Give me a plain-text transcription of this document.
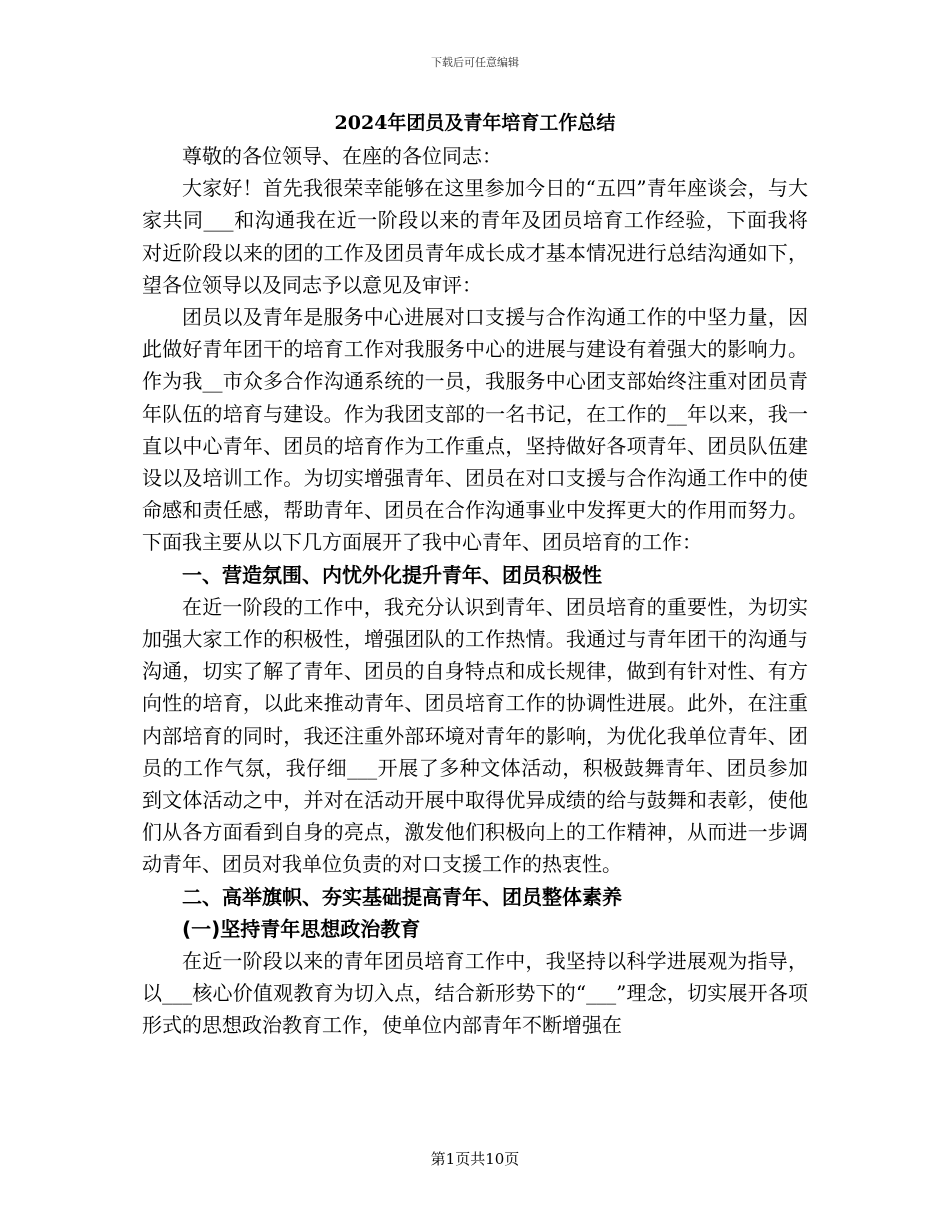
下载后可任意编辑
2024年团员及青年培育工作总结

尊敬的各位领导、在座的各位同志：

大家好！首先我很荣幸能够在这里参加今日的“五四”青年座谈会，与大家共同___和沟通我在近一阶段以来的青年及团员培育工作经验，下面我将对近阶段以来的团的工作及团员青年成长成才基本情况进行总结沟通如下，望各位领导以及同志予以意见及审评：

团员以及青年是服务中心进展对口支援与合作沟通工作的中坚力量，因此做好青年团干的培育工作对我服务中心的进展与建设有着强大的影响力。作为我__市众多合作沟通系统的一员，我服务中心团支部始终注重对团员青年队伍的培育与建设。作为我团支部的一名书记，在工作的__年以来，我一直以中心青年、团员的培育作为工作重点，坚持做好各项青年、团员队伍建设以及培训工作。为切实增强青年、团员在对口支援与合作沟通工作中的使命感和责任感，帮助青年、团员在合作沟通事业中发挥更大的作用而努力。下面我主要从以下几方面展开了我中心青年、团员培育的工作：

一、营造氛围、内忧外化提升青年、团员积极性

在近一阶段的工作中，我充分认识到青年、团员培育的重要性，为切实加强大家工作的积极性，增强团队的工作热情。我通过与青年团干的沟通与沟通，切实了解了青年、团员的自身特点和成长规律，做到有针对性、有方向性的培育，以此来推动青年、团员培育工作的协调性进展。此外，在注重内部培育的同时，我还注重外部环境对青年的影响，为优化我单位青年、团员的工作气氛，我仔细___开展了多种文体活动，积极鼓舞青年、团员参加到文体活动之中，并对在活动开展中取得优异成绩的给与鼓舞和表彰，使他们从各方面看到自身的亮点，激发他们积极向上的工作精神，从而进一步调动青年、团员对我单位负责的对口支援工作的热衷性。

二、高举旗帜、夯实基础提高青年、团员整体素养

(一)坚持青年思想政治教育

在近一阶段以来的青年团员培育工作中，我坚持以科学进展观为指导，以___核心价值观教育为切入点，结合新形势下的“___”理念，切实展开各项形式的思想政治教育工作，使单位内部青年不断增强在

第1页共10页
